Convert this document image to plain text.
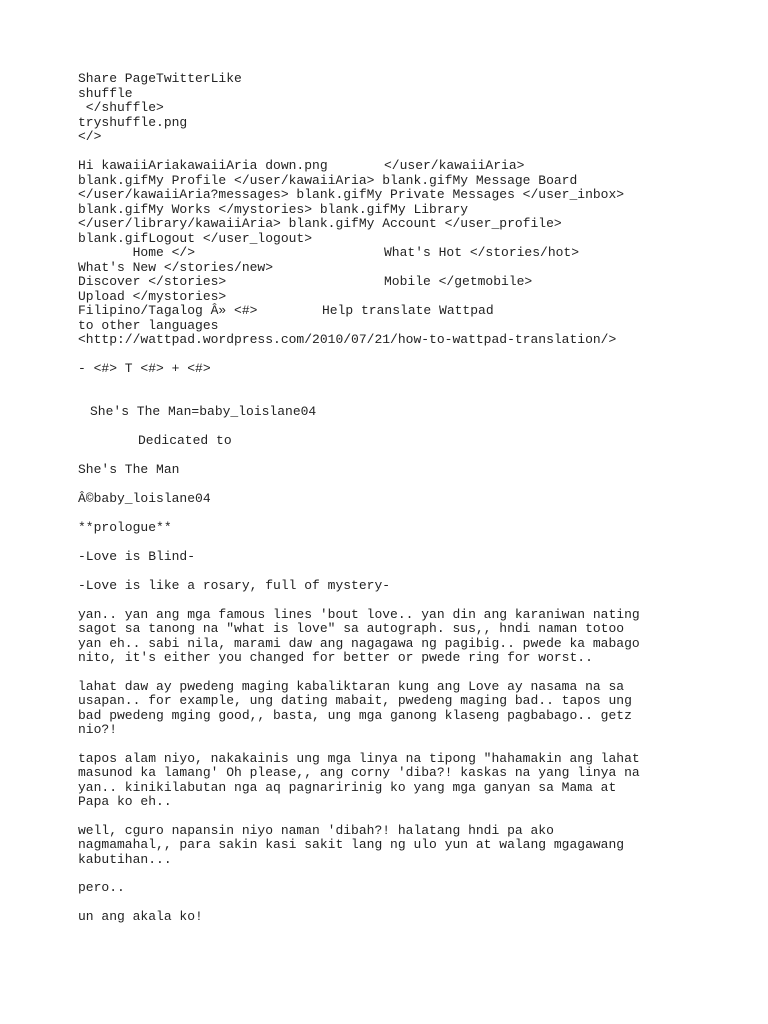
Share PageTwitterLike
shuffle
</shuffle>
tryshuffle.png
</>
Hi kawaiiAriakawaiiAria down.png	</user/kawaiiAria>
blank.gifMy Profile </user/kawaiiAria> blank.gifMy Message Board
</user/kawaiiAria?messages> blank.gifMy Private Messages </user_inbox>
blank.gifMy Works </mystories> blank.gifMy Library
</user/library/kawaiiAria> blank.gifMy Account </user_profile>
blank.gifLogout </user_logout>
Home </>	What's Hot </stories/hot>
What's New </stories/new>
Discover </stories>	Mobile </getmobile>
Upload </mystories>
Filipino/Tagalog Â» <#>	Help translate Wattpad
to other languages
<http://wattpad.wordpress.com/2010/07/21/how-to-wattpad-translation/>
- <#> T <#> + <#>
She's The Man=baby_loislane04
Dedicated to
She's The Man
Â©baby_loislane04
**prologue**
-Love is Blind-
-Love is like a rosary, full of mystery-
yan.. yan ang mga famous lines 'bout love.. yan din ang karaniwan nating
sagot sa tanong na "what is love" sa autograph. sus,, hndi naman totoo
yan eh.. sabi nila, marami daw ang nagagawa ng pagibig.. pwede ka mabago
nito, it's either you changed for better or pwede ring for worst..
lahat daw ay pwedeng maging kabaliktaran kung ang Love ay nasama na sa
usapan.. for example, ung dating mabait, pwedeng maging bad.. tapos ung
bad pwedeng mging good,, basta, ung mga ganong klaseng pagbabago.. getz
nio?!
tapos alam niyo, nakakainis ung mga linya na tipong "hahamakin ang lahat
masunod ka lamang' Oh please,, ang corny 'diba?! kaskas na yang linya na
yan.. kinikilabutan nga aq pagnaririnig ko yang mga ganyan sa Mama at
Papa ko eh..
well, cguro napansin niyo naman 'dibah?! halatang hndi pa ako
nagmamahal,, para sakin kasi sakit lang ng ulo yun at walang mgagawang
kabutihan...
pero..
un ang akala ko!
